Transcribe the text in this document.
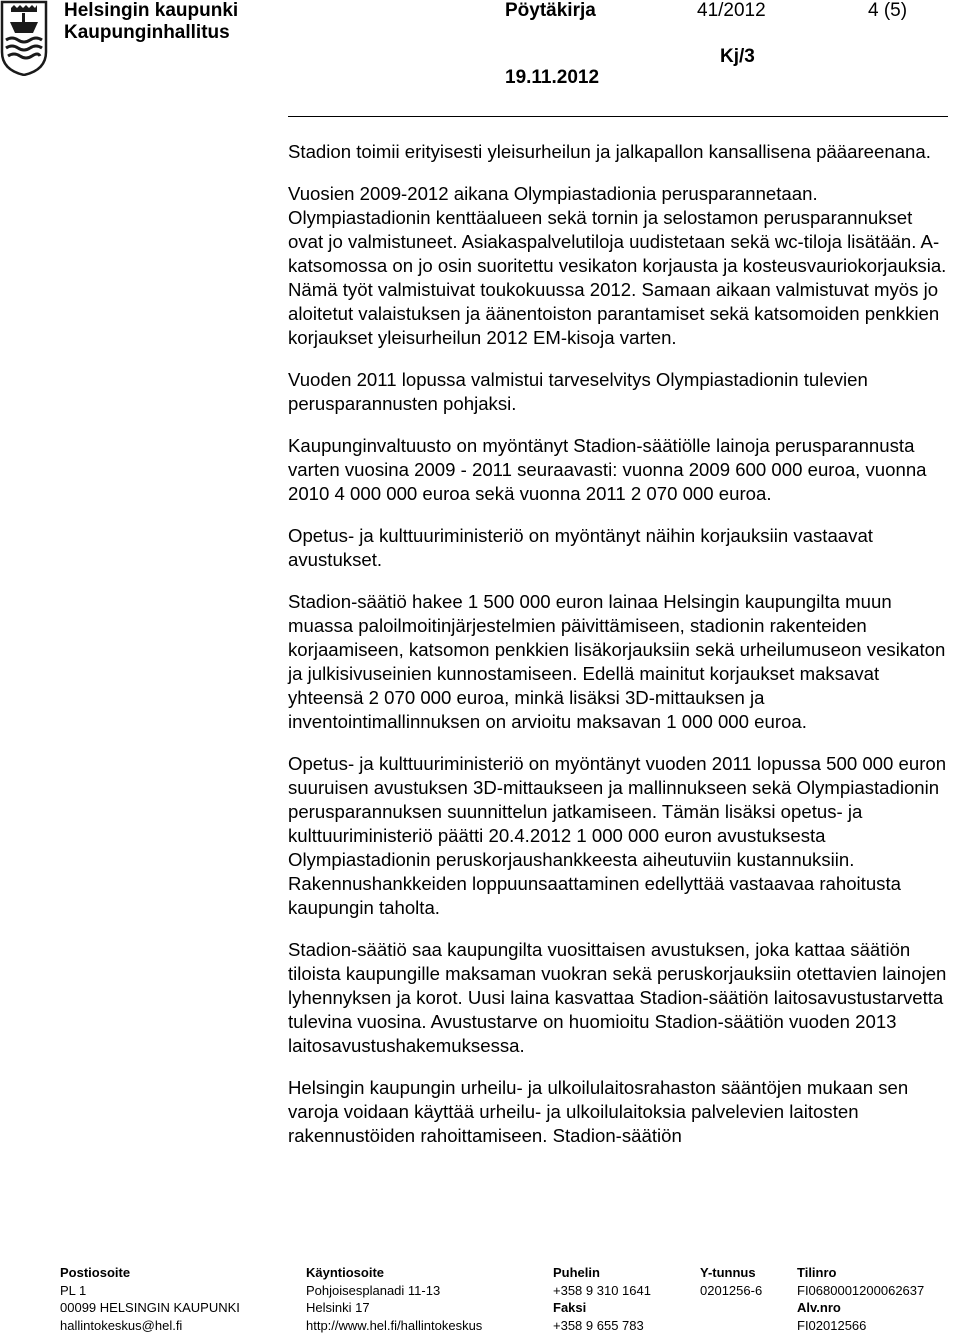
Helsingin kaupunki
Kaupunginhallitus
Pöytäkirja	41/2012	4 (5)
Kj/3
19.11.2012

Stadion toimii erityisesti yleisurheilun ja jalkapallon kansallisena pääareenana.

Vuosien 2009-2012 aikana Olympiastadionia perusparannetaan. Olympiastadionin kenttäalueen sekä tornin ja selostamon perusparannukset ovat jo valmistuneet. Asiakaspalvelutiloja uudistetaan sekä wc-tiloja lisätään. A-katsomossa on jo osin suoritettu vesikaton korjausta ja kosteusvauriokorjauksia. Nämä työt valmistuivat toukokuussa 2012. Samaan aikaan valmistuvat myös jo aloitetut valaistuksen ja äänentoiston parantamiset sekä katsomoiden penkkien korjaukset yleisurheilun 2012 EM-kisoja varten.

Vuoden 2011 lopussa valmistui tarveselvitys Olympiastadionin tulevien perusparannusten pohjaksi.

Kaupunginvaltuusto on myöntänyt Stadion-säätiölle lainoja perusparannusta varten vuosina 2009 - 2011 seuraavasti: vuonna 2009 600 000 euroa, vuonna 2010 4 000 000 euroa sekä vuonna 2011 2 070 000 euroa.

Opetus- ja kulttuuriministeriö on myöntänyt näihin korjauksiin vastaavat avustukset.

Stadion-säätiö hakee 1 500 000 euron lainaa Helsingin kaupungilta muun muassa paloilmoitinjärjestelmien päivittämiseen, stadionin rakenteiden korjaamiseen, katsomon penkkien lisäkorjauksiin sekä urheilumuseon vesikaton ja julkisivuseinien kunnostamiseen. Edellä mainitut korjaukset maksavat yhteensä 2 070 000 euroa, minkä lisäksi 3D-mittauksen ja inventointimallinnuksen on arvioitu maksavan 1 000 000 euroa.

Opetus- ja kulttuuriministeriö on myöntänyt vuoden 2011 lopussa 500 000 euron suuruisen avustuksen 3D-mittaukseen ja mallinnukseen sekä Olympiastadionin perusparannuksen suunnittelun jatkamiseen. Tämän lisäksi opetus- ja kulttuuriministeriö päätti 20.4.2012 1 000 000 euron avustuksesta Olympiastadionin peruskorjaushankkeesta aiheutuviin kustannuksiin. Rakennushankkeiden loppuunsaattaminen edellyttää vastaavaa rahoitusta kaupungin taholta.

Stadion-säätiö saa kaupungilta vuosittaisen avustuksen, joka kattaa säätiön tiloista kaupungille maksaman vuokran sekä peruskorjauksiin otettavien lainojen lyhennyksen ja korot. Uusi laina kasvattaa Stadion-säätiön laitosavustustarvetta tulevina vuosina. Avustustarve on huomioitu Stadion-säätiön vuoden 2013 laitosavustushakemuksessa.

Helsingin kaupungin urheilu- ja ulkoilulaitosrahaston sääntöjen mukaan sen varoja voidaan käyttää urheilu- ja ulkoilulaitoksia palvelevien laitosten rakennustöiden rahoittamiseen. Stadion-säätiön

Postiosoite
PL 1
00099 HELSINGIN KAUPUNKI
hallintokeskus@hel.fi
Käyntiosoite
Pohjoisesplanadi 11-13
Helsinki 17
http://www.hel.fi/hallintokeskus
Puhelin
+358 9 310 1641
Faksi
+358 9 655 783
Y-tunnus
0201256-6
Tilinro
FI0680001200062637
Alv.nro
FI02012566
